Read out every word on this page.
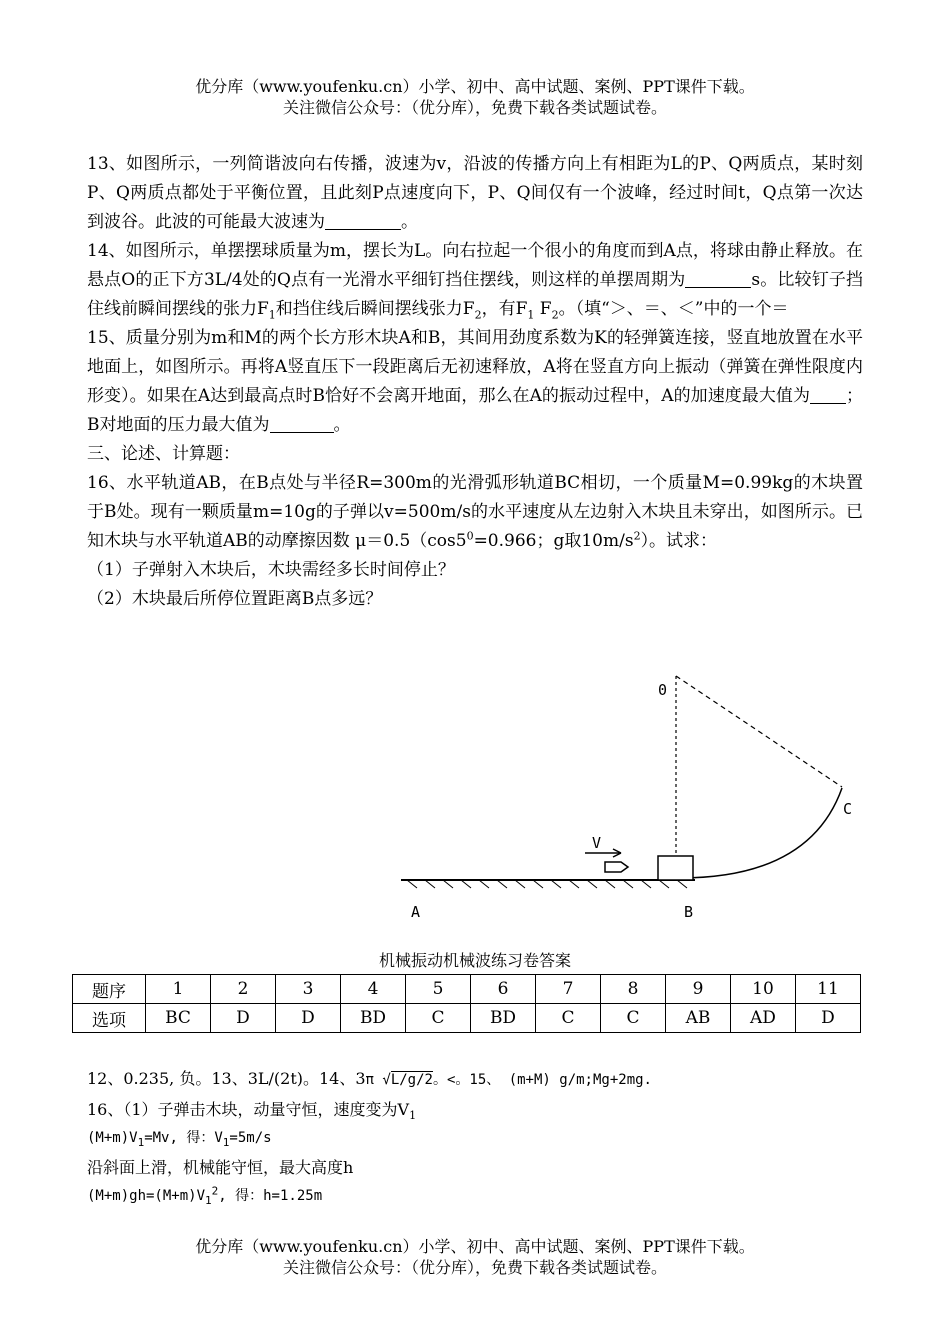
优分库（www.youfenku.cn）小学、初中、高中试题、案例、PPT课件下载。
关注微信公众号：（优分库），免费下载各类试题试卷。
13、如图所示，一列简谐波向右传播，波速为v，沿波的传播方向上有相距为L的P、Q两质点，某时刻P、Q两质点都处于平衡位置，且此刻P点速度向下，P、Q间仅有一个波峰，经过时间t，Q点第一次达到波谷。此波的可能最大波速为	。
14、如图所示，单摆摆球质量为m，摆长为L。向右拉起一个很小的角度而到A点，将球由静止释放。在悬点O的正下方3L/4处的Q点有一光滑水平细钉挡住摆线，则这样的单摆周期为	s。比较钉子挡住线前瞬间摆线的张力$F_1$和挡住线后瞬间摆线张力$F_2$，有$F_1$ $F_2$。（填“＞、＝、＜”中的一个＝
15、质量分别为m和M的两个长方形木块A和B，其间用劲度系数为K的轻弹簧连接，竖直地放置在水平地面上，如图所示。再将A竖直压下一段距离后无初速释放，A将在竖直方向上振动（弹簧在弹性限度内形变）。如果在A达到最高点时B恰好不会离开地面，那么在A的振动过程中，A的加速度最大值为 ；B对地面的压力最大值为	。
三、论述、计算题：
16、水平轨道AB，在B点处与半径R=300m的光滑弧形轨道BC相切，一个质量M=0.99kg的木块置于B处。现有一颗质量m=10g的子弹以v=500m/s的水平速度从左边射入木块且未穿出，如图所示。已知木块与水平轨道AB的动摩擦因数 $\mu=0.5(\cos 5^0=0.966$；g取$10m/s^2$）。试求：
（1）子弹射入木块后，木块需经多长时间停止？
（2）木块最后所停位置距离B点多远？
0
C
A	B
V
机械振动机械波练习卷答案
题序	1	2	3	4	5	6	7	8	9	10	11
选项	BC	D	D	BD	C	BD	C	C	AB	AD	D
12、0.235, 负。13、3L/(2t)。14、3π √L/g/2。<。15、 (m+M) g/m;Mg+2mg.
16、（1）子弹击木块，动量守恒，速度变为$V_1$
$(M+m)V_1=Mv$, 得：$V_1=5m/s$
沿斜面上滑，机械能守恒，最大高度h
$(M+m)gh=(M+m)V_1^2$, 得：h=1.25m
优分库（www.youfenku.cn）小学、初中、高中试题、案例、PPT课件下载。
关注微信公众号：（优分库），免费下载各类试题试卷。
